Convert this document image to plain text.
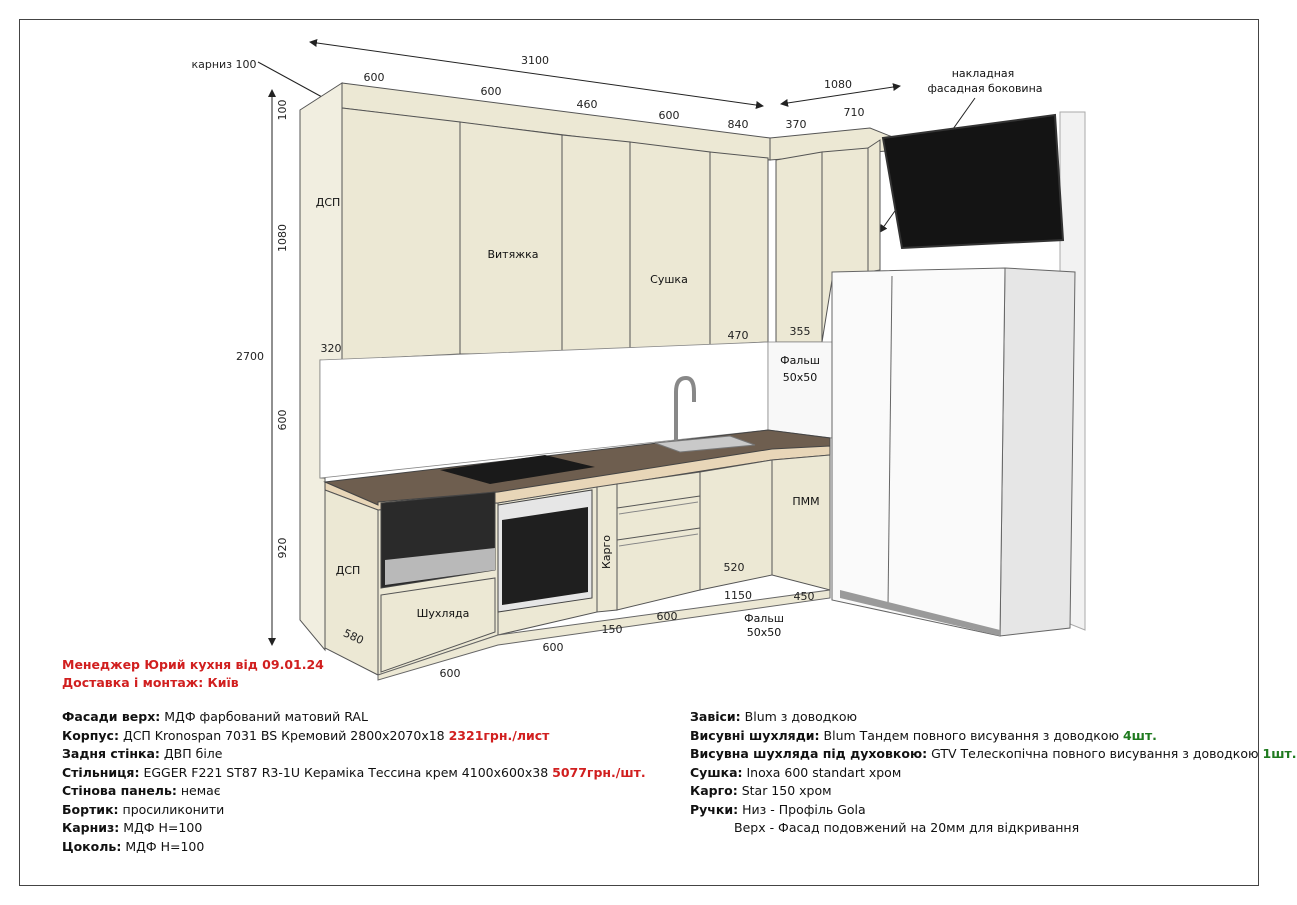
3100
1080
карниз 100
100
1080
2700
600
920
600
600
460
600
840	370
710
320
470	355
520
1150	450
580
600
600
150
600
накладная
фасадная боковина
ДСП
Витяжка
Сушка
Фальш
50х50
ДСП
Шухляда
Карго
ПММ
Фальш
50х50
Менеджер Юрий кухня від 09.01.24
Доставка і монтаж: Київ
Фасади верх: МДФ фарбований матовий RAL
Корпус: ДСП Kronospan 7031 BS Кремовий 2800х2070х18 2321грн./лист
Задня стінка: ДВП біле
Стільниця: EGGER F221 ST87 R3-1U Кераміка Тессина крем 4100х600х38 5077грн./шт.
Стінова панель: немає
Бортик: просиликонити
Карниз: МДФ Н=100
Цоколь: МДФ Н=100
Завіси: Blum з доводкою
Висувні шухляди: Blum Тандем повного висування з доводкою 4шт.
Висувна шухляда під духовкою: GTV Телескопічна повного висування з доводкою 1шт.
Сушка: Inoxa 600 standart хром
Карго: Star 150 хром
Ручки: Низ - Профіль Gola
Верх - Фасад подовжений на 20мм для відкривання
